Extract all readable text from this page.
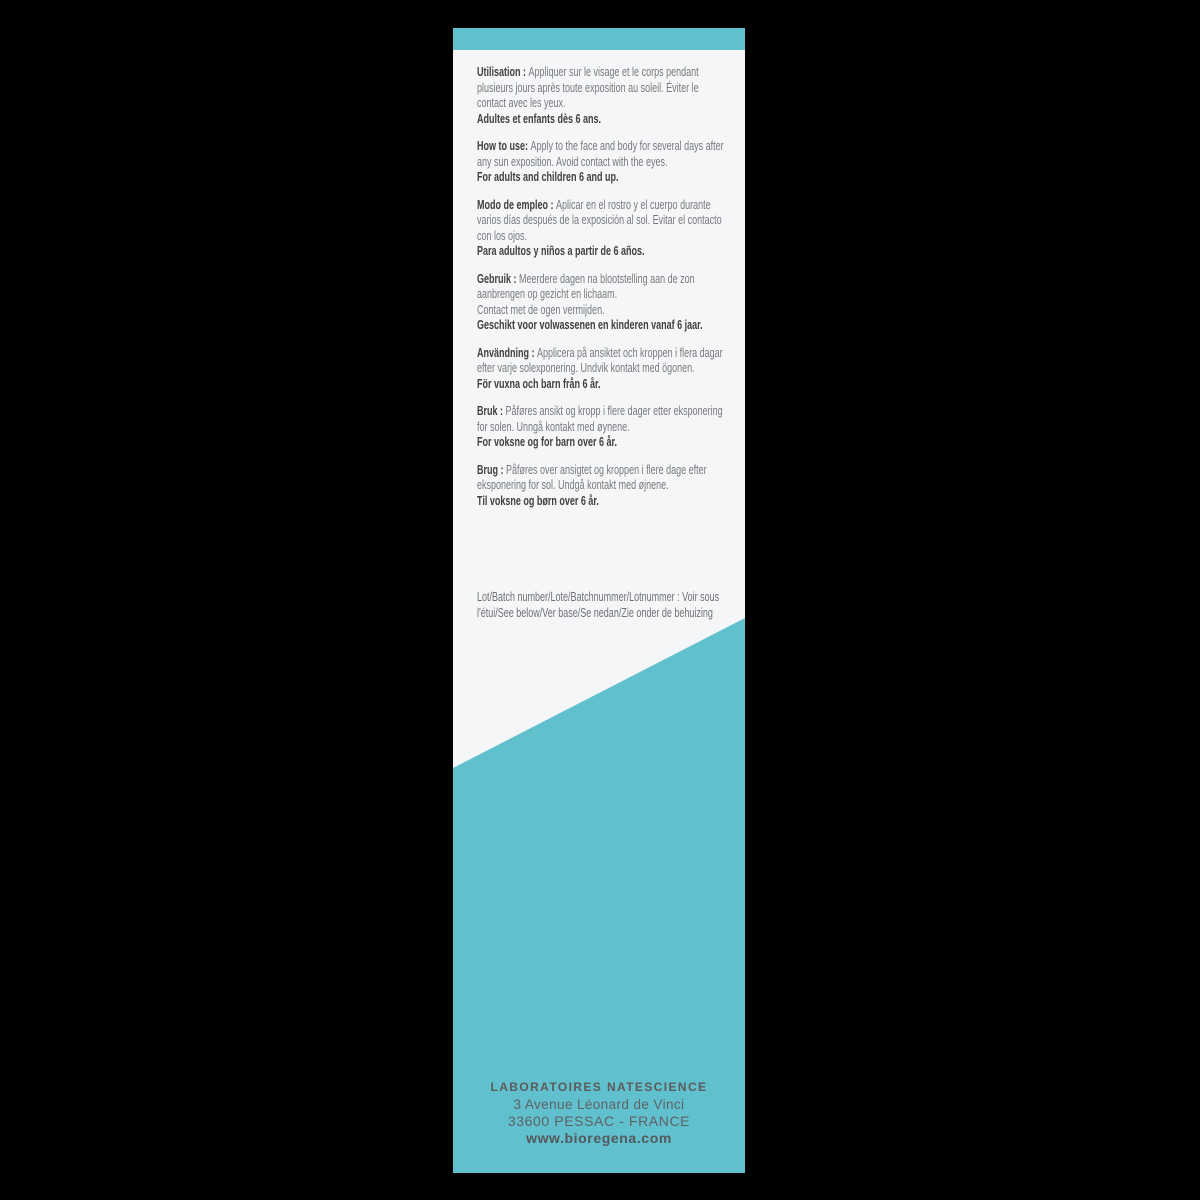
Utilisation : Appliquer sur le visage et le corps pendant plusieurs jours après toute exposition au soleil. Éviter le contact avec les yeux.
Adultes et enfants dès 6 ans.

How to use: Apply to the face and body for several days after any sun exposition. Avoid contact with the eyes.
For adults and children 6 and up.

Modo de empleo : Aplicar en el rostro y el cuerpo durante varios días después de la exposición al sol. Evitar el contacto con los ojos.
Para adultos y niños a partir de 6 años.

Gebruik : Meerdere dagen na blootstelling aan de zon aanbrengen op gezicht en lichaam.
Contact met de ogen vermijden.
Geschikt voor volwassenen en kinderen vanaf 6 jaar.

Användning : Applicera på ansiktet och kroppen i flera dagar efter varje solexponering. Undvik kontakt med ögonen.
För vuxna och barn från 6 år.

Bruk : Påføres ansikt og kropp i flere dager etter eksponering for solen. Unngå kontakt med øynene.
For voksne og for barn over 6 år.

Brug : Påføres over ansigtet og kroppen i flere dage efter eksponering for sol. Undgå kontakt med øjnene.
Til voksne og børn over 6 år.

Lot/Batch number/Lote/Batchnummer/Lotnummer : Voir sous l'étui/See below/Ver base/Se nedan/Zie onder de behuizing

LABORATOIRES NATESCIENCE

3 Avenue Léonard de Vinci

33600 PESSAC - FRANCE

www.bioregena.com
